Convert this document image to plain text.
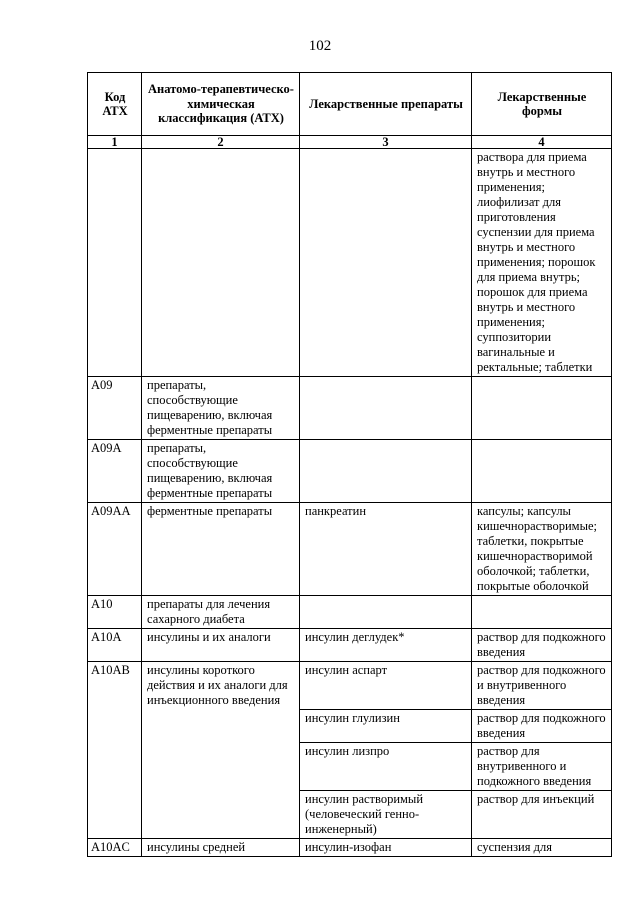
102
Код АТХ	Анатомо-терапевтическо-химическая классификация (АТХ)	Лекарственные препараты	Лекарственные формы
1	2	3	4
			раствора для приема внутрь и местного применения; лиофилизат для приготовления суспензии для приема внутрь и местного применения; порошок для приема внутрь; порошок для приема внутрь и местного применения; суппозитории вагинальные и ректальные; таблетки
A09	препараты, способствующие пищеварению, включая ферментные препараты		
A09A	препараты, способствующие пищеварению, включая ферментные препараты		
A09AA	ферментные препараты	панкреатин	капсулы; капсулы кишечнорастворимые; таблетки, покрытые кишечнорастворимой оболочкой; таблетки, покрытые оболочкой
A10	препараты для лечения сахарного диабета		
A10A	инсулины и их аналоги	инсулин деглудек*	раствор для подкожного введения
A10AB	инсулины короткого действия и их аналоги для инъекционного введения	инсулин аспарт	раствор для подкожного и внутривенного введения
		инсулин глулизин	раствор для подкожного введения
		инсулин лизпро	раствор для внутривенного и подкожного введения
		инсулин растворимый (человеческий генно-инженерный)	раствор для инъекций
A10AC	инсулины средней	инсулин-изофан	суспензия для
